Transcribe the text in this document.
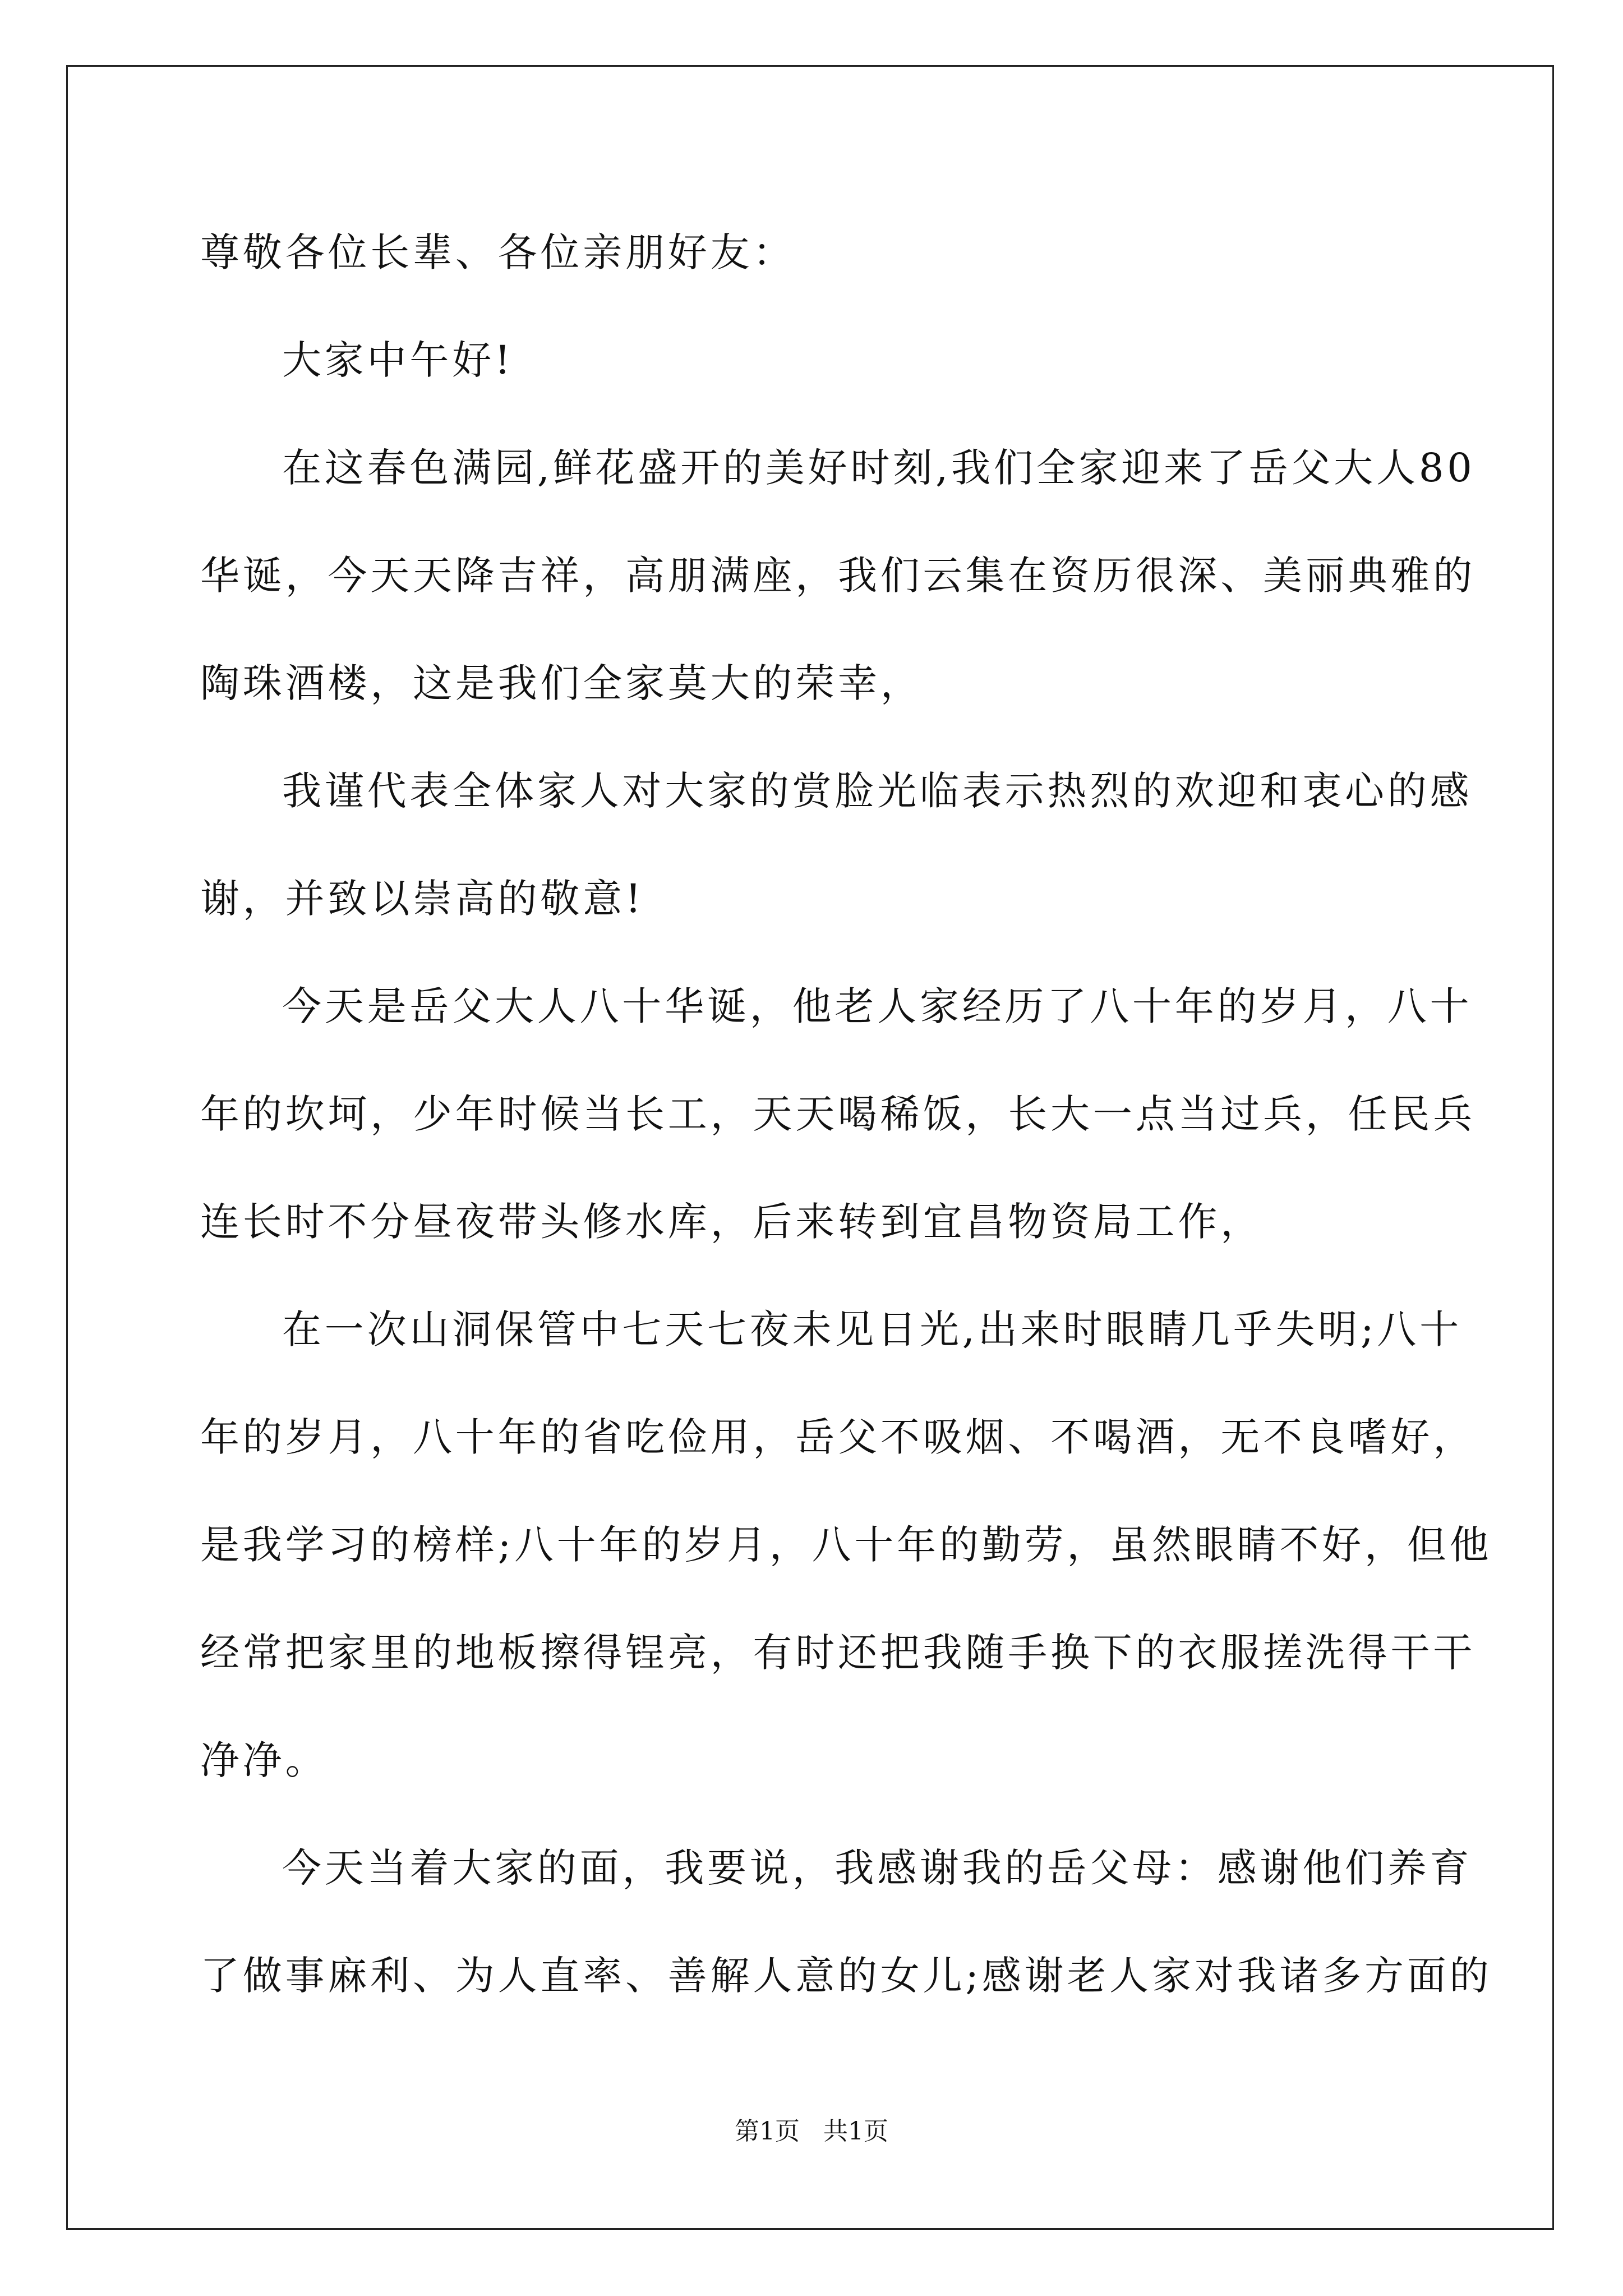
尊敬各位长辈、各位亲朋好友：
大家中午好!
在这春色满园,鲜花盛开的美好时刻,我们全家迎来了岳父大人80
华诞，今天天降吉祥，高朋满座，我们云集在资历很深、美丽典雅的
陶珠酒楼，这是我们全家莫大的荣幸，
我谨代表全体家人对大家的赏脸光临表示热烈的欢迎和衷心的感
谢，并致以崇高的敬意!
今天是岳父大人八十华诞，他老人家经历了八十年的岁月，八十
年的坎坷，少年时候当长工，天天喝稀饭，长大一点当过兵，任民兵
连长时不分昼夜带头修水库，后来转到宜昌物资局工作，
在一次山洞保管中七天七夜未见日光,出来时眼睛几乎失明;八十
年的岁月，八十年的省吃俭用，岳父不吸烟、不喝酒，无不良嗜好，
是我学习的榜样;八十年的岁月，八十年的勤劳，虽然眼睛不好，但他
经常把家里的地板擦得锃亮，有时还把我随手换下的衣服搓洗得干干
净净。
今天当着大家的面，我要说，我感谢我的岳父母：感谢他们养育
了做事麻利、为人直率、善解人意的女儿;感谢老人家对我诸多方面的
第1页   共1页
